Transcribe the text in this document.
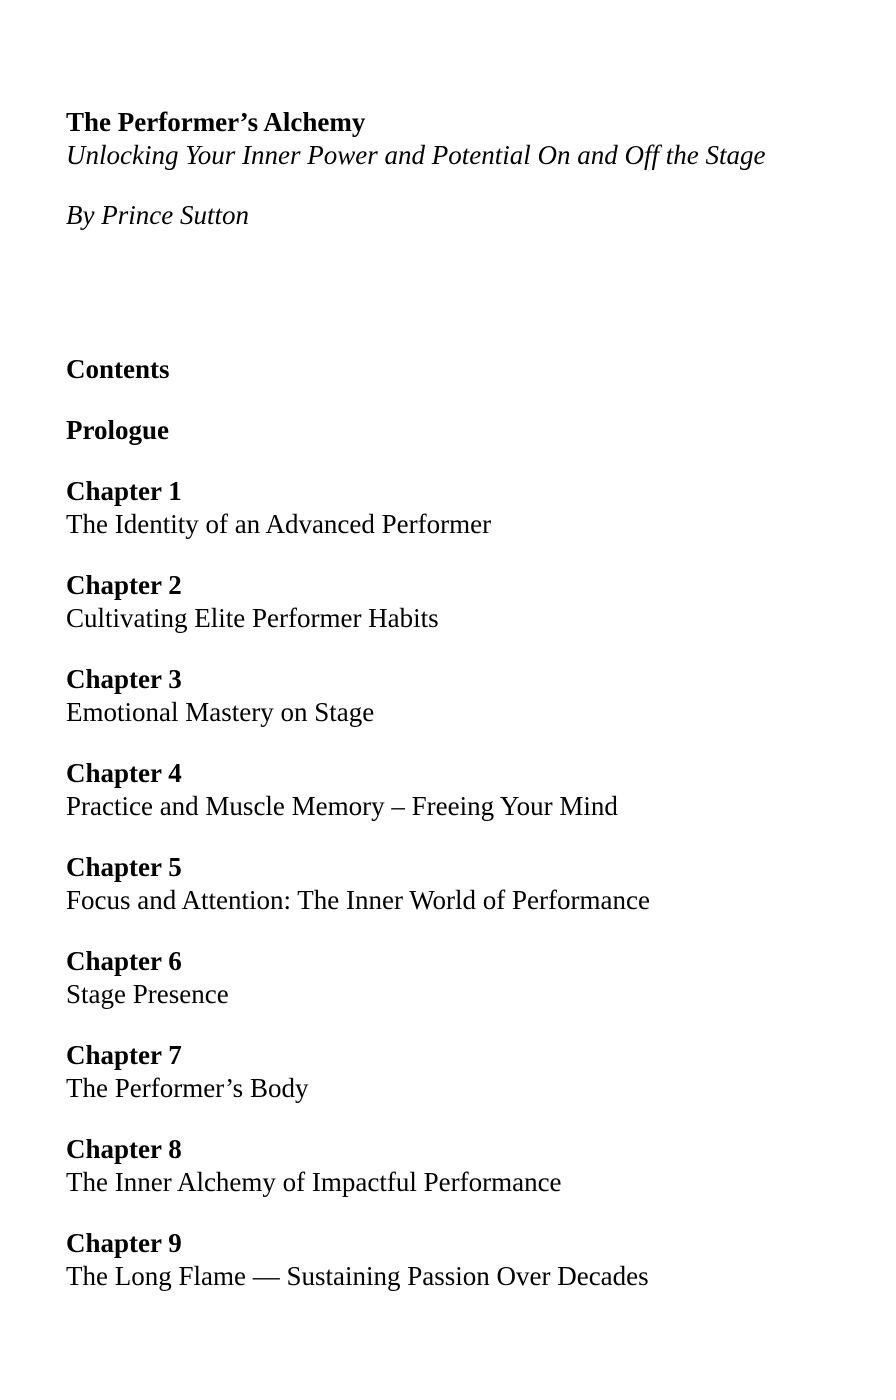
The Performer’s Alchemy

Unlocking Your Inner Power and Potential On and Off the Stage

By Prince Sutton

Contents

Prologue
Chapter 1
The Identity of an Advanced Performer
Chapter 2
Cultivating Elite Performer Habits
Chapter 3
Emotional Mastery on Stage
Chapter 4
Practice and Muscle Memory – Freeing Your Mind
Chapter 5
Focus and Attention: The Inner World of Performance
Chapter 6
Stage Presence
Chapter 7
The Performer’s Body
Chapter 8
The Inner Alchemy of Impactful Performance
Chapter 9
The Long Flame — Sustaining Passion Over Decades
